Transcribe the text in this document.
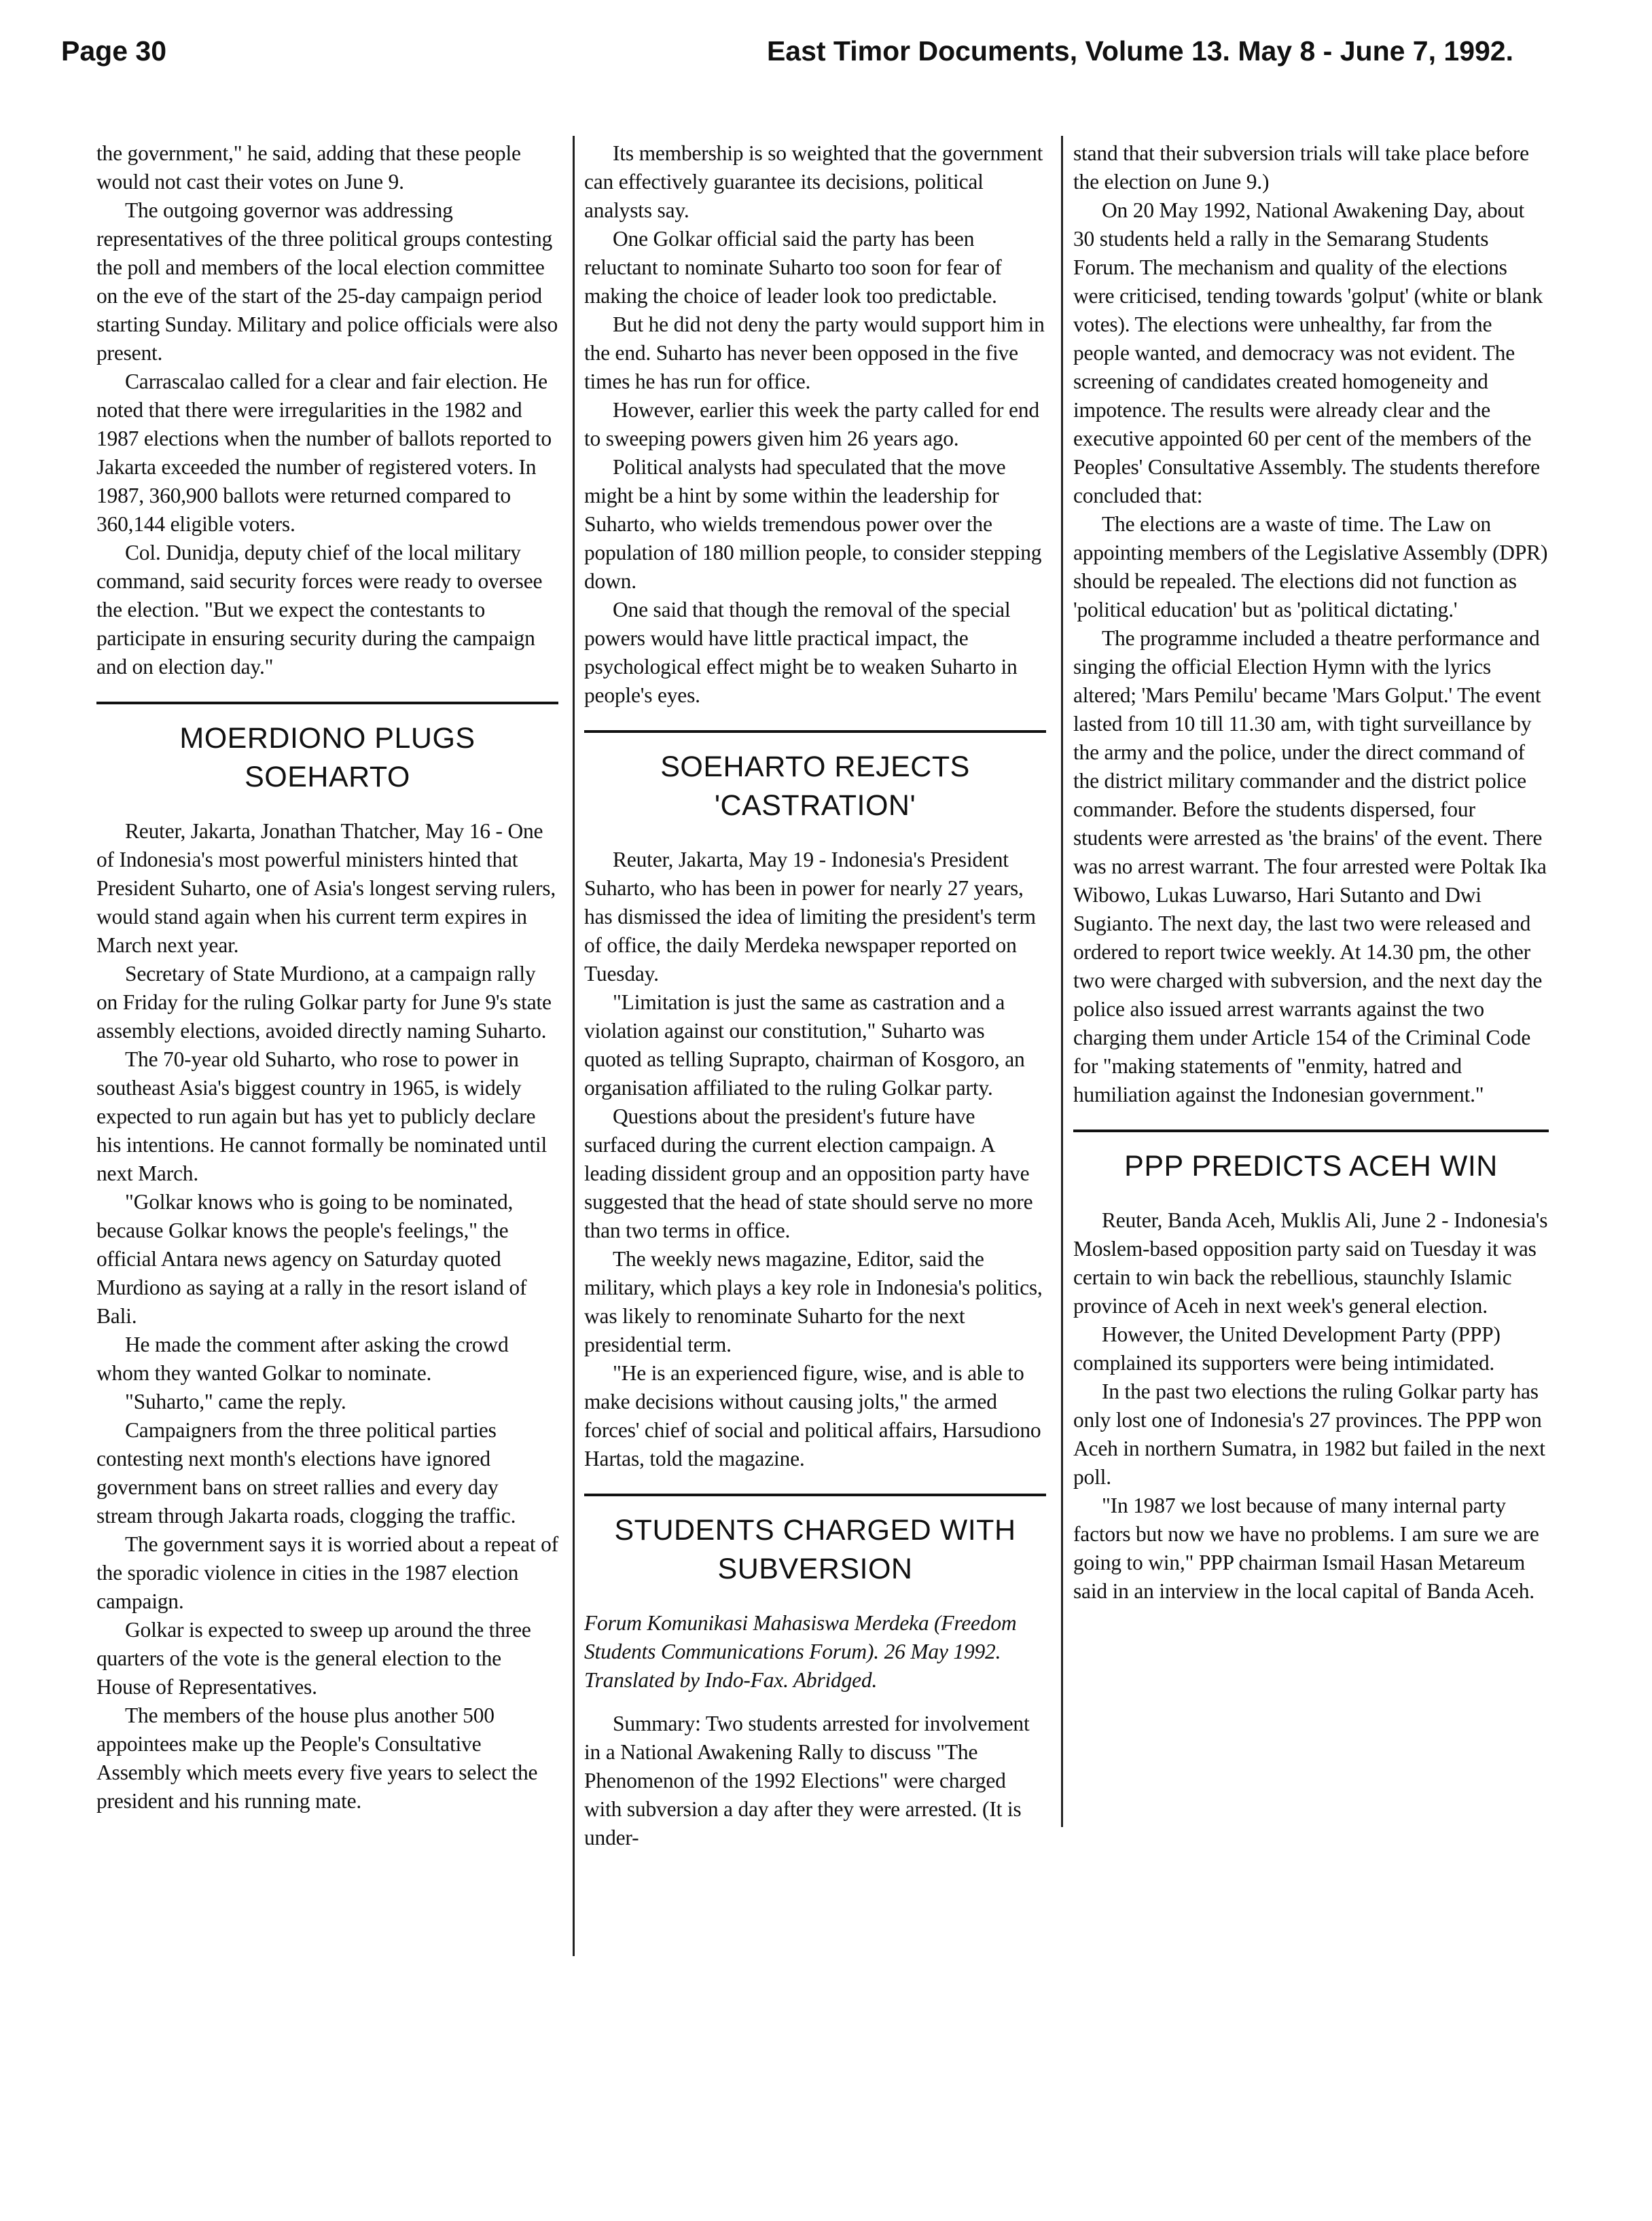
Page 30	East Timor Documents, Volume 13. May 8 - June 7, 1992.

the government," he said, adding that these people would not cast their votes on June 9.

The outgoing governor was addressing representatives of the three political groups contesting the poll and members of the local election committee on the eve of the start of the 25-day campaign period starting Sunday. Military and police officials were also present.

Carrascalao called for a clear and fair election. He noted that there were irregularities in the 1982 and 1987 elections when the number of ballots reported to Jakarta exceeded the number of registered voters. In 1987, 360,900 ballots were returned compared to 360,144 eligible voters.

Col. Dunidja, deputy chief of the local military command, said security forces were ready to oversee the election. "But we expect the contestants to participate in ensuring security during the campaign and on election day."

MOERDIONO PLUGS SOEHARTO

Reuter, Jakarta, Jonathan Thatcher, May 16 - One of Indonesia's most powerful ministers hinted that President Suharto, one of Asia's longest serving rulers, would stand again when his current term expires in March next year.

Secretary of State Murdiono, at a campaign rally on Friday for the ruling Golkar party for June 9's state assembly elections, avoided directly naming Suharto.

The 70-year old Suharto, who rose to power in southeast Asia's biggest country in 1965, is widely expected to run again but has yet to publicly declare his intentions. He cannot formally be nominated until next March.

"Golkar knows who is going to be nominated, because Golkar knows the people's feelings," the official Antara news agency on Saturday quoted Murdiono as saying at a rally in the resort island of Bali.

He made the comment after asking the crowd whom they wanted Golkar to nominate.

"Suharto," came the reply.

Campaigners from the three political parties contesting next month's elections have ignored government bans on street rallies and every day stream through Jakarta roads, clogging the traffic.

The government says it is worried about a repeat of the sporadic violence in cities in the 1987 election campaign.

Golkar is expected to sweep up around the three quarters of the vote is the general election to the House of Representatives.

The members of the house plus another 500 appointees make up the People's Consultative Assembly which meets every five years to select the president and his running mate.

Its membership is so weighted that the government can effectively guarantee its decisions, political analysts say.

One Golkar official said the party has been reluctant to nominate Suharto too soon for fear of making the choice of leader look too predictable.

But he did not deny the party would support him in the end. Suharto has never been opposed in the five times he has run for office.

However, earlier this week the party called for end to sweeping powers given him 26 years ago.

Political analysts had speculated that the move might be a hint by some within the leadership for Suharto, who wields tremendous power over the population of 180 million people, to consider stepping down.

One said that though the removal of the special powers would have little practical impact, the psychological effect might be to weaken Suharto in people's eyes.

SOEHARTO REJECTS 'CASTRATION'

Reuter, Jakarta, May 19 - Indonesia's President Suharto, who has been in power for nearly 27 years, has dismissed the idea of limiting the president's term of office, the daily Merdeka newspaper reported on Tuesday.

"Limitation is just the same as castration and a violation against our constitution," Suharto was quoted as telling Suprapto, chairman of Kosgoro, an organisation affiliated to the ruling Golkar party.

Questions about the president's future have surfaced during the current election campaign. A leading dissident group and an opposition party have suggested that the head of state should serve no more than two terms in office.

The weekly news magazine, Editor, said the military, which plays a key role in Indonesia's politics, was likely to renominate Suharto for the next presidential term.

"He is an experienced figure, wise, and is able to make decisions without causing jolts," the armed forces' chief of social and political affairs, Harsudiono Hartas, told the magazine.

STUDENTS CHARGED WITH SUBVERSION

Forum Komunikasi Mahasiswa Merdeka (Freedom Students Communications Forum). 26 May 1992. Translated by Indo-Fax. Abridged.

Summary: Two students arrested for involvement in a National Awakening Rally to discuss "The Phenomenon of the 1992 Elections" were charged with subversion a day after they were arrested. (It is under-

stand that their subversion trials will take place before the election on June 9.)

On 20 May 1992, National Awakening Day, about 30 students held a rally in the Semarang Students Forum. The mechanism and quality of the elections were criticised, tending towards 'golput' (white or blank votes). The elections were unhealthy, far from the people wanted, and democracy was not evident. The screening of candidates created homogeneity and impotence. The results were already clear and the executive appointed 60 per cent of the members of the Peoples' Consultative Assembly. The students therefore concluded that:

The elections are a waste of time. The Law on appointing members of the Legislative Assembly (DPR) should be repealed. The elections did not function as 'political education' but as 'political dictating.'

The programme included a theatre performance and singing the official Election Hymn with the lyrics altered; 'Mars Pemilu' became 'Mars Golput.' The event lasted from 10 till 11.30 am, with tight surveillance by the army and the police, under the direct command of the district military commander and the district police commander. Before the students dispersed, four students were arrested as 'the brains' of the event. There was no arrest warrant. The four arrested were Poltak Ika Wibowo, Lukas Luwarso, Hari Sutanto and Dwi Sugianto. The next day, the last two were released and ordered to report twice weekly. At 14.30 pm, the other two were charged with subversion, and the next day the police also issued arrest warrants against the two charging them under Article 154 of the Criminal Code for "making statements of "enmity, hatred and humiliation against the Indonesian government."

PPP PREDICTS ACEH WIN

Reuter, Banda Aceh, Muklis Ali, June 2 - Indonesia's Moslem-based opposition party said on Tuesday it was certain to win back the rebellious, staunchly Islamic province of Aceh in next week's general election.

However, the United Development Party (PPP) complained its supporters were being intimidated.

In the past two elections the ruling Golkar party has only lost one of Indonesia's 27 provinces. The PPP won Aceh in northern Sumatra, in 1982 but failed in the next poll.

"In 1987 we lost because of many internal party factors but now we have no problems. I am sure we are going to win," PPP chairman Ismail Hasan Metareum said in an interview in the local capital of Banda Aceh.
